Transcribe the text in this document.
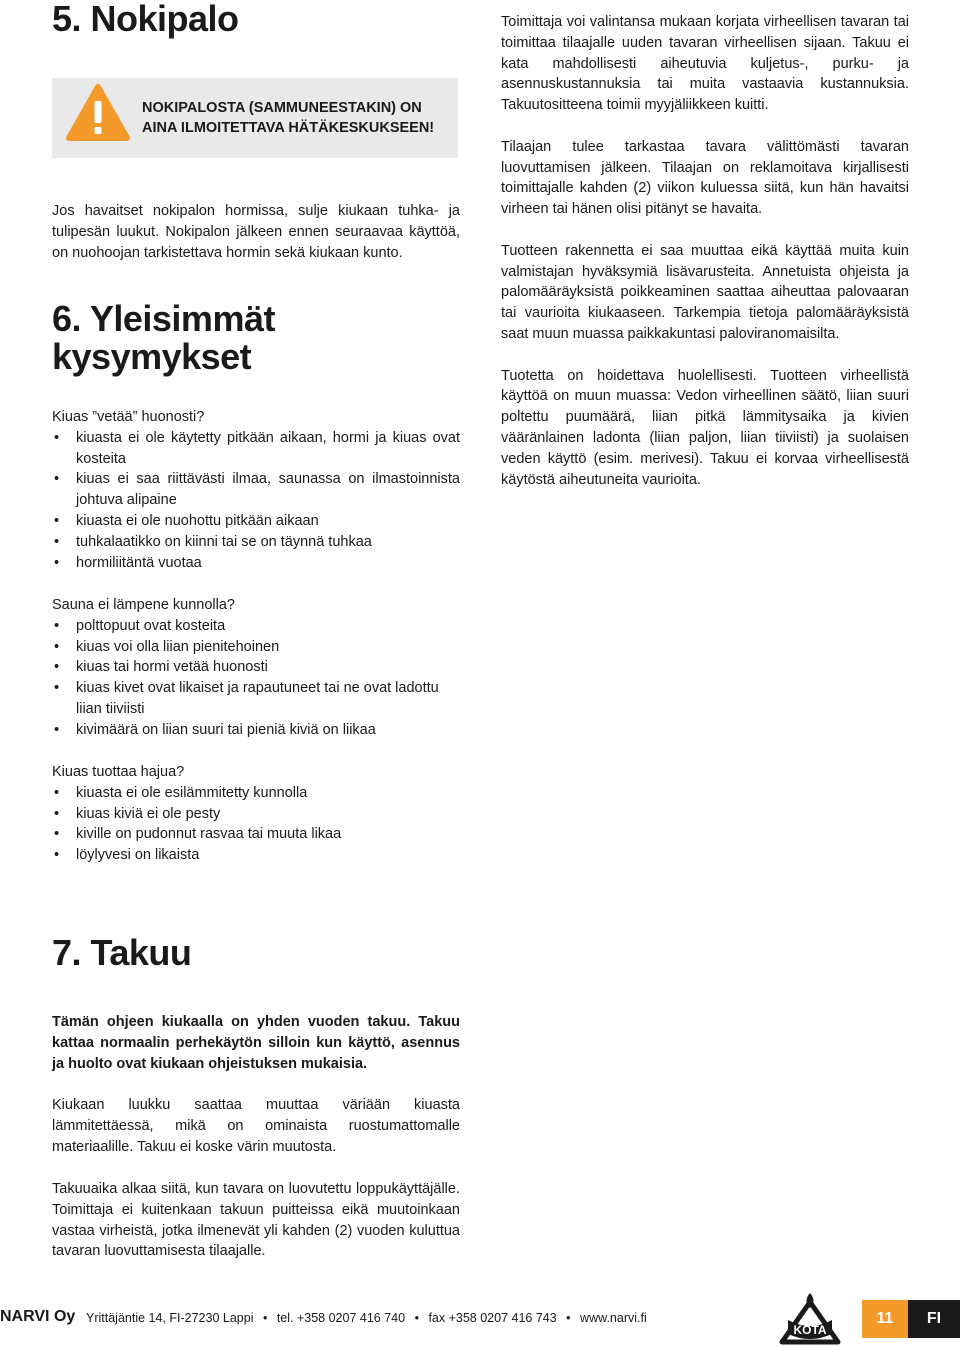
5. Nokipalo
NOKIPALOSTA (SAMMUNEESTAKIN) ON
AINA ILMOITETTAVA HÄTÄKESKUKSEEN!

Jos havaitset nokipalon hormissa, sulje kiukaan tuhka- ja tulipesän luukut. Nokipalon jälkeen ennen seuraavaa käyttöä, on nuohoojan tarkistettava hormin sekä kiukaan kunto.

6. Yleisimmät
kysymykset

Kiuas ”vetää” huonosti?

• kiuasta ei ole käytetty pitkään aikaan, hormi ja kiuas ovat kosteita
• kiuas ei saa riittävästi ilmaa, saunassa on ilmastoinnista johtuva alipaine
• kiuasta ei ole nuohottu pitkään aikaan
• tuhkalaatikko on kiinni tai se on täynnä tuhkaa
• hormiliitäntä vuotaa

Sauna ei lämpene kunnolla?

• polttopuut ovat kosteita
• kiuas voi olla liian pienitehoinen
• kiuas tai hormi vetää huonosti
• kiuas kivet ovat likaiset ja rapautuneet tai ne ovat ladottu liian tiiviisti
• kivimäärä on liian suuri tai pieniä kiviä on liikaa

Kiuas tuottaa hajua?

• kiuasta ei ole esilämmitetty kunnolla
• kiuas kiviä ei ole pesty
• kiville on pudonnut rasvaa tai muuta likaa
• löylyvesi on likaista
7. Takuu

Tämän ohjeen kiukaalla on yhden vuoden takuu. Takuu kattaa normaalin perhekäytön silloin kun käyttö, asennus ja huolto ovat kiukaan ohjeistuksen mukaisia.

Kiukaan luukku saattaa muuttaa väriään kiuasta lämmitettäessä, mikä on ominaista ruostumattomalle materiaalille. Takuu ei koske värin muutosta.

Takuuaika alkaa siitä, kun tavara on luovutettu loppukäyttäjälle. Toimittaja ei kuitenkaan takuun puitteissa eikä muutoinkaan vastaa virheistä, jotka ilmenevät yli kahden (2) vuoden kuluttua tavaran luovuttamisesta tilaajalle.

Toimittaja voi valintansa mukaan korjata virheellisen tavaran tai toimittaa tilaajalle uuden tavaran virheellisen sijaan. Takuu ei kata mahdollisesti aiheutuvia kuljetus-, purku- ja asennuskustannuksia tai muita vastaavia kustannuksia. Takuutositteena toimii myyjäliikkeen kuitti.

Tilaajan tulee tarkastaa tavara välittömästi tavaran luovuttamisen jälkeen. Tilaajan on reklamoitava kirjallisesti toimittajalle kahden (2) viikon kuluessa siitä, kun hän havaitsi virheen tai hänen olisi pitänyt se havaita.

Tuotteen rakennetta ei saa muuttaa eikä käyttää muita kuin valmistajan hyväksymiä lisävarusteita. Annetuista ohjeista ja palomääräyksistä poikkeaminen saattaa aiheuttaa palovaaran tai vaurioita kiukaaseen. Tarkempia tietoja palomääräyksistä saat muun muassa paikkakuntasi paloviranomaisilta.

Tuotetta on hoidettava huolellisesti. Tuotteen virheellistä käyttöä on muun muassa: Vedon virheellinen säätö, liian suuri poltettu puumäärä, liian pitkä lämmitysaika ja kivien vääränlainen ladonta (liian paljon, liian tiiviisti) ja suolaisen veden käyttö (esim. merivesi). Takuu ei korvaa virheellisestä käytöstä aiheutuneita vaurioita.

NARVI Oy Yrittäjäntie 14, FI-27230 Lappi • tel. +358 0207 416 740 • fax +358 0207 416 743 • www.narvi.fi
KOTA
11	FI
